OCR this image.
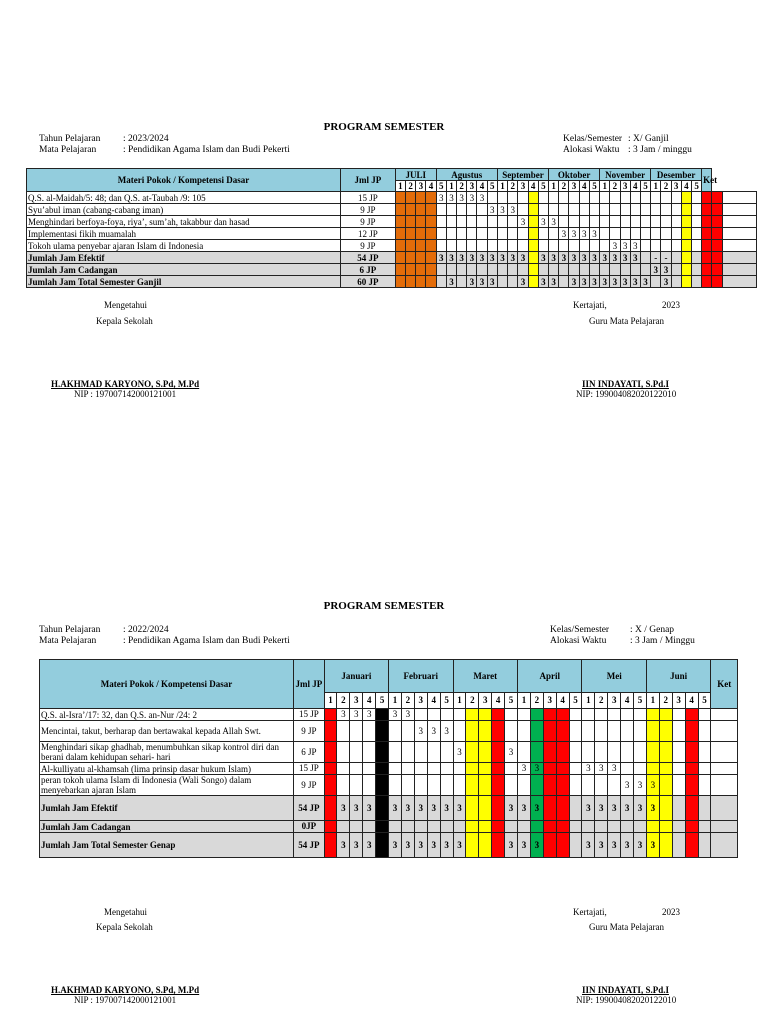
PROGRAM SEMESTER
Tahun Pelajaran : 2023/2024
Mata Pelajaran	: Pendidikan Agama Islam dan Budi Pekerti
Kelas/Semester : X/ Ganjil
Alokasi Waktu : 3 Jam / minggu
Materi Pokok / Kompetensi Dasar	Jml JP	JULI				Agustus						September					Oktober					November					Desember					Ket		
		1	2	3	4	5	1	2	3	4	5	1	2	3	4	5	1	2	3	4	5	1	2	3	4	5	1	2	3	4	5			
Q.S. al-Maidah/5: 48; dan Q.S. at-Taubah /9: 105	15 JP					3	3	3	3	3																								
Syu’abul iman (cabang-cabang iman)	9 JP										3	3	3																					
Menghindari berfoya-foya, riya’, sum’ah, takabbur dan hasad	9 JP													3		3	3																	
Implementasi fikih muamalah	12 JP																	3	3	3	3													
Tokoh ulama penyebar ajaran Islam di Indonesia	9 JP																						3	3	3									
Jumlah Jam Efektif	54 JP					3	3	3	3	3	3	3	3	3		3	3	3	3	3	3	3	3	3	3		-	-						
Jumlah Jam Cadangan	6 JP																										3	3						
Jumlah Jam Total Semester Ganjil	60 JP						3		3	3	3			3		3	3		3	3	3	3	3	3	3	3		3						
Mengetahui
Kepala Sekolah
Kertajati,	2023
Guru Mata Pelajaran
H.AKHMAD KARYONO, S.Pd, M.Pd
NIP : 197007142000121001
IIN INDAYATI, S.Pd.I
NIP: 199004082020122010
PROGRAM SEMESTER
Tahun Pelajaran : 2022/2024
Mata Pelajaran	: Pendidikan Agama Islam dan Budi Pekerti
Kelas/Semester : X / Genap
Alokasi Waktu : 3 Jam / Minggu
Materi Pokok / Kompetensi Dasar	Jml JP	Januari					Februari					Maret					April					Mei					Juni					Ket
		1	2	3	4	5	1	2	3	4	5	1	2	3	4	5	1	2	3	4	5	1	2	3	4	5	1	2	3	4	5	
Q.S. al-Isra’/17: 32, dan Q.S. an-Nur /24: 2	15 JP		3	3	3		3	3																								
Mencintai, takut, berharap dan bertawakal kepada Allah Swt.	9 JP								3	3	3																					
Menghindari sikap ghadhab, menumbuhkan sikap kontrol diri dan berani dalam kehidupan sehari- hari	6 JP											3				3																
Al-kulliyatu al-khamsah (lima prinsip dasar hukum Islam)	15 JP																3	3				3	3	3								
peran tokoh ulama Islam di Indonesia (Wali Songo) dalam menyebarkan ajaran Islam	9 JP																								3	3	3					
Jumlah Jam Efektif	54 JP		3	3	3		3	3	3	3	3	3				3	3	3				3	3	3	3	3	3					
Jumlah Jam Cadangan	0JP																															
Jumlah Jam Total Semester Genap	54 JP		3	3	3		3	3	3	3	3	3				3	3	3				3	3	3	3	3	3					
Mengetahui
Kepala Sekolah
Kertajati,	2023
Guru Mata Pelajaran
H.AKHMAD KARYONO, S.Pd, M.Pd
NIP : 197007142000121001
IIN INDAYATI, S.Pd.I
NIP: 199004082020122010
